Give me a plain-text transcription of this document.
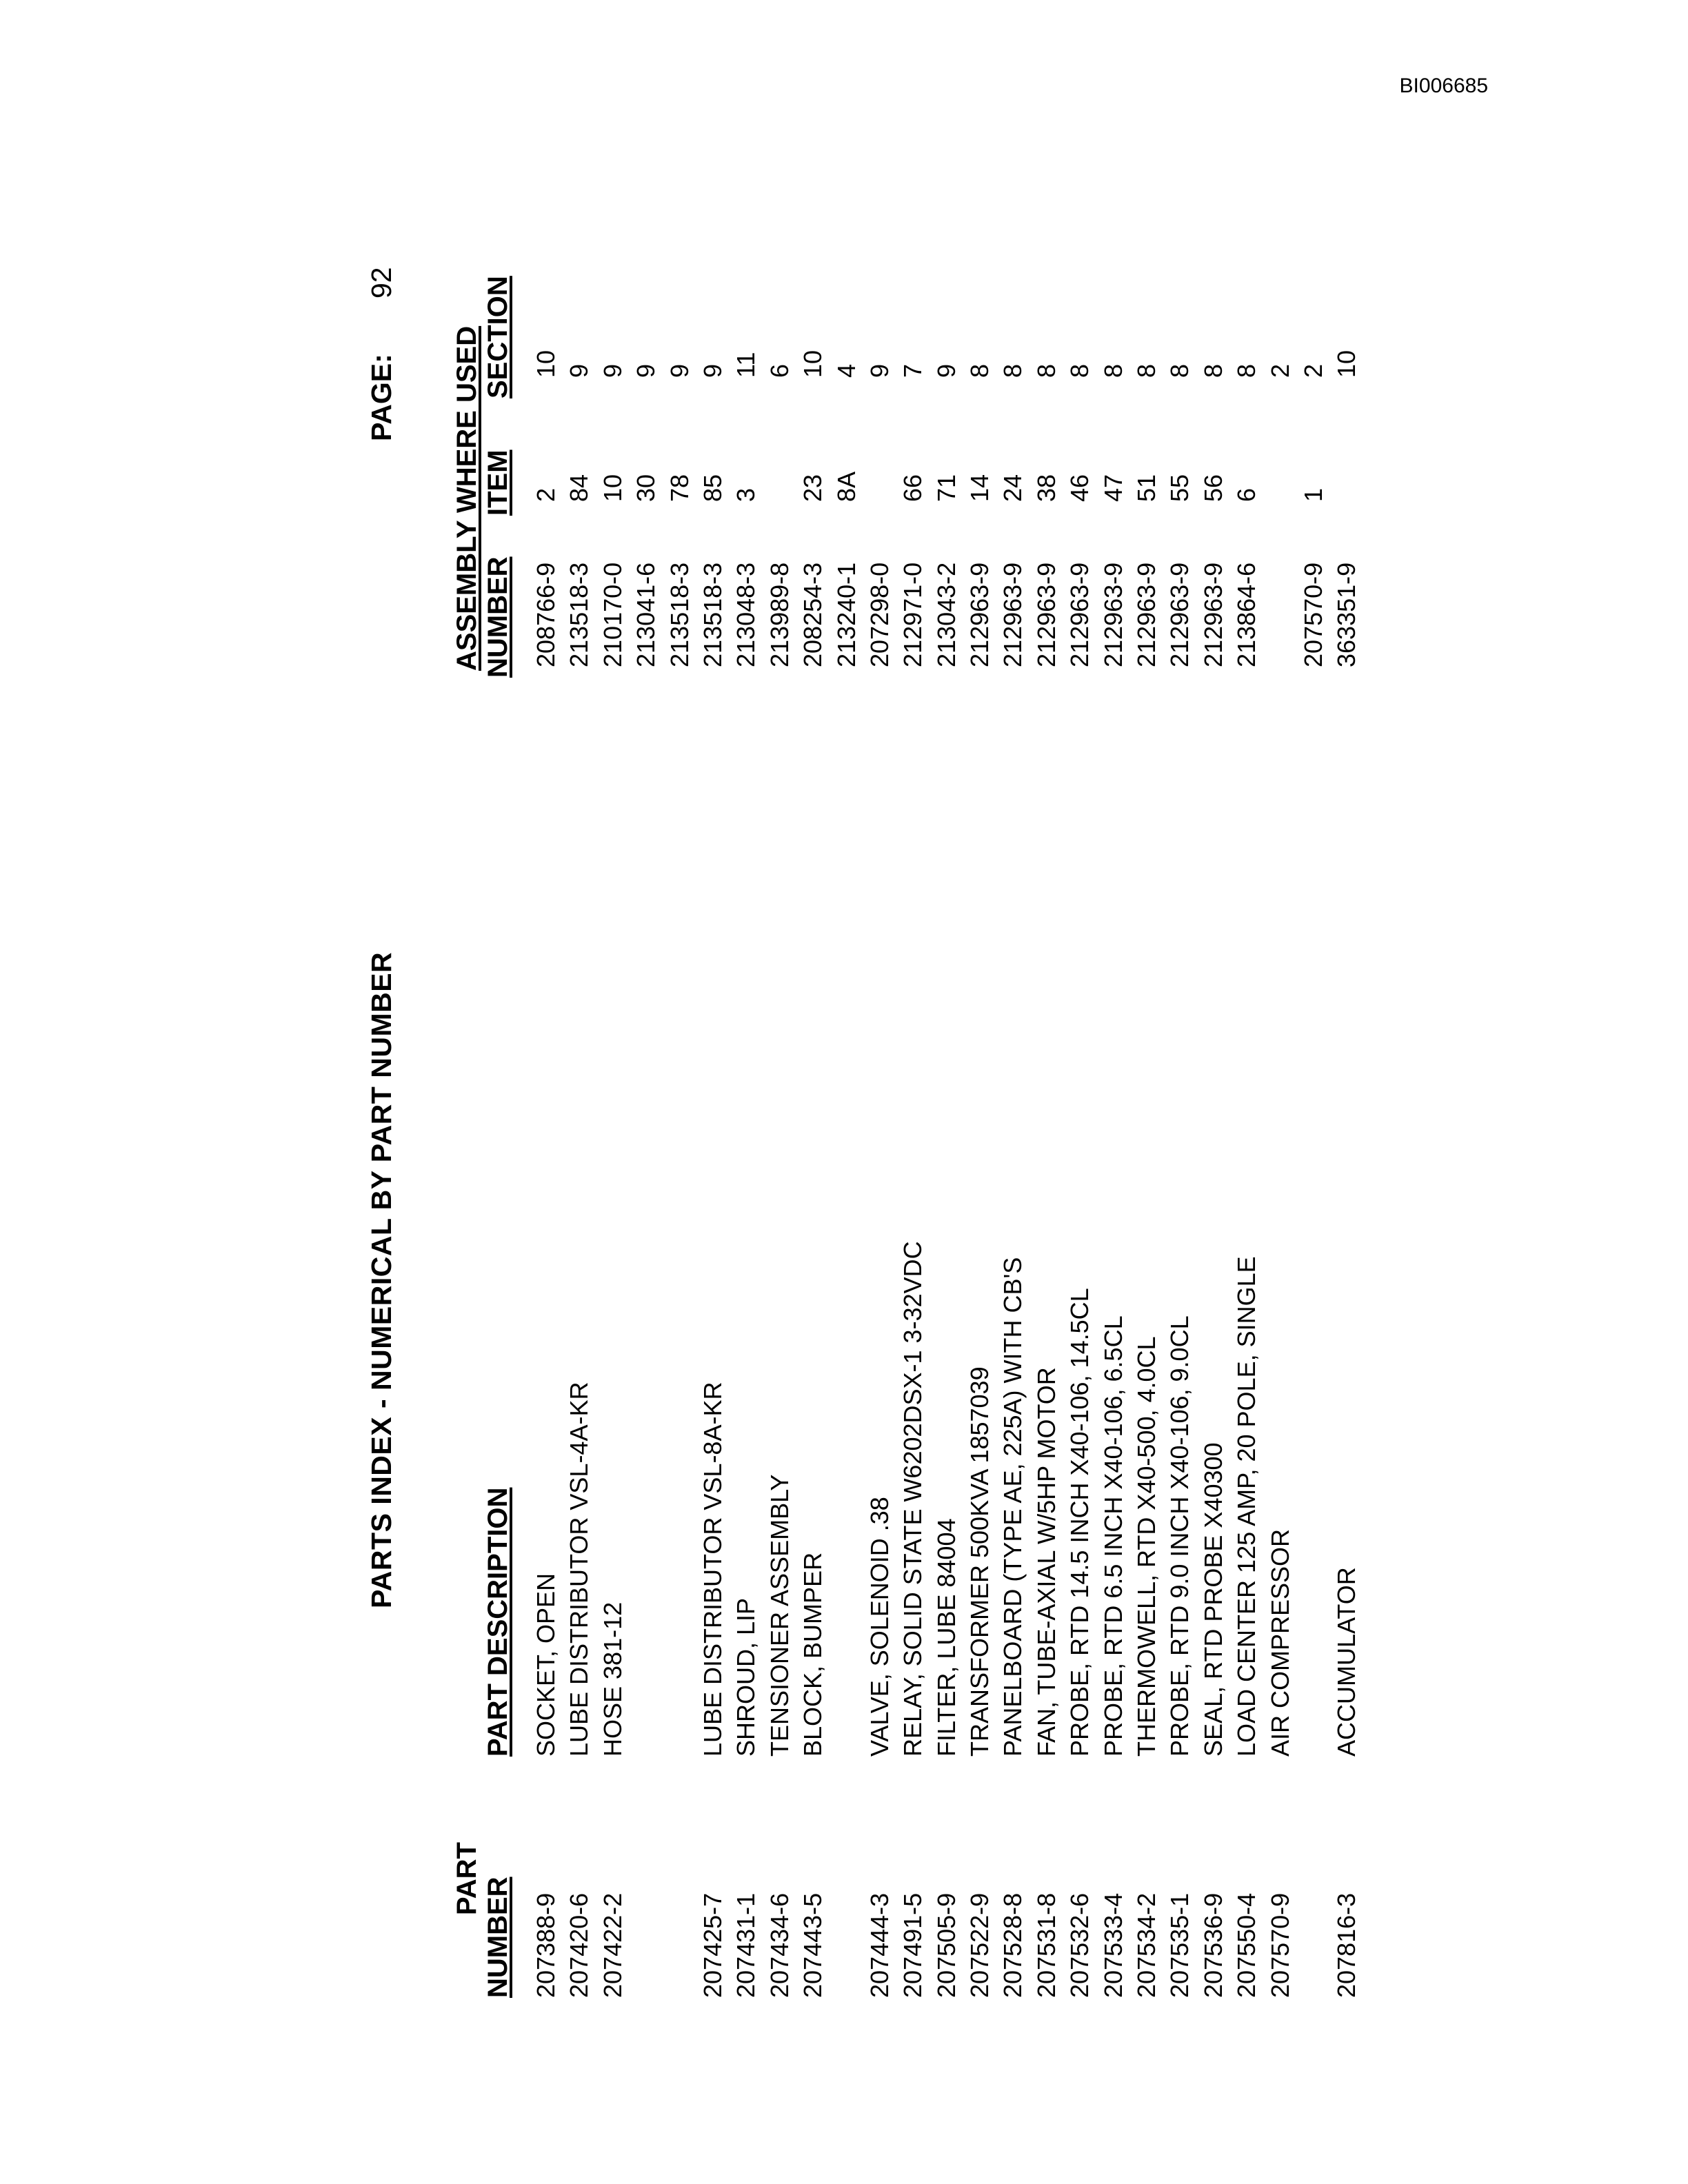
BI006685
PARTS INDEX - NUMERICAL BY PART NUMBER
PAGE:
92
PART NUMBER
PART DESCRIPTION
ASSEMBLY WHERE USED NUMBER
ITEM
SECTION
207388-9 207420-6 207422-2	207425-7 207431-1 207434-6 207443-5 207444-3 207491-5 207505-9 207522-9 207528-8 207531-8 207532-6 207533-4 207534-2 207535-1 207536-9 207550-4 207570-9 207816-3
SOCKET, OPEN LUBE DISTRIBUTOR VSL-4A-KR HOSE 381-12	LUBE DISTRIBUTOR VSL-8A-KR SHROUD, LIP TENSIONER ASSEMBLY BLOCK, BUMPER VALVE, SOLENOID .38 RELAY, SOLID STATE W6202DSX-1 3-32VDC FILTER, LUBE 84004 TRANSFORMER 500KVA 1857039 PANELBOARD (TYPE AE, 225A) WITH CB'S FAN, TUBE-AXIAL W/5HP MOTOR PROBE, RTD 14.5 INCH X40-106, 14.5CL PROBE, RTD 6.5 INCH X40-106, 6.5CL THERMOWELL, RTD X40-500, 4.0CL PROBE, RTD 9.0 INCH X40-106, 9.0CL SEAL, RTD PROBE X40300 LOAD CENTER 125 AMP, 20 POLE, SINGLE AIR COMPRESSOR ACCUMULATOR
208766-9 213518-3 210170-0 213041-6 213518-3 213518-3 213048-3 213989-8 208254-3 213240-1 207298-0 212971-0 213043-2 212963-9 212963-9 212963-9 212963-9 212963-9 212963-9 212963-9 212963-9 213864-6 207570-9 363351-9
2 84 10 30 78 85 3 23 8A 66 71 14 24 38 46 47 51 55 56 6 1
10 9 9 9 9 9 11 6 10 4 9 7 9 8 8 8 8 8 8 8 8 8 2 2 10
